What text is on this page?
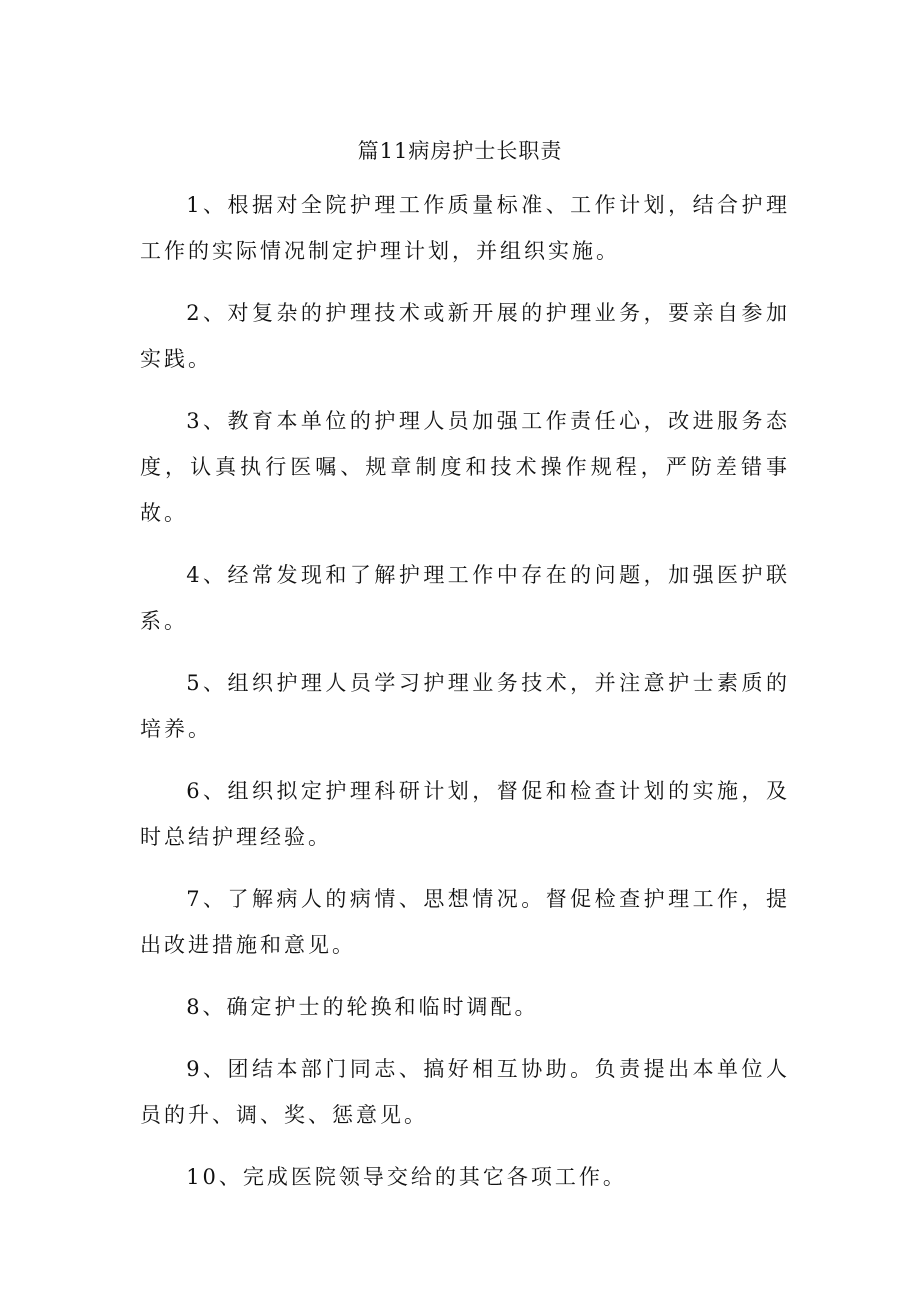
篇11病房护士长职责

1、根据对全院护理工作质量标准、工作计划，结合护理工作的实际情况制定护理计划，并组织实施。

2、对复杂的护理技术或新开展的护理业务，要亲自参加实践。

3、教育本单位的护理人员加强工作责任心，改进服务态度，认真执行医嘱、规章制度和技术操作规程，严防差错事故。

4、经常发现和了解护理工作中存在的问题，加强医护联系。

5、组织护理人员学习护理业务技术，并注意护士素质的培养。

6、组织拟定护理科研计划，督促和检查计划的实施，及时总结护理经验。

7、了解病人的病情、思想情况。督促检查护理工作，提出改进措施和意见。

8、确定护士的轮换和临时调配。

9、团结本部门同志、搞好相互协助。负责提出本单位人员的升、调、奖、惩意见。

10、完成医院领导交给的其它各项工作。
